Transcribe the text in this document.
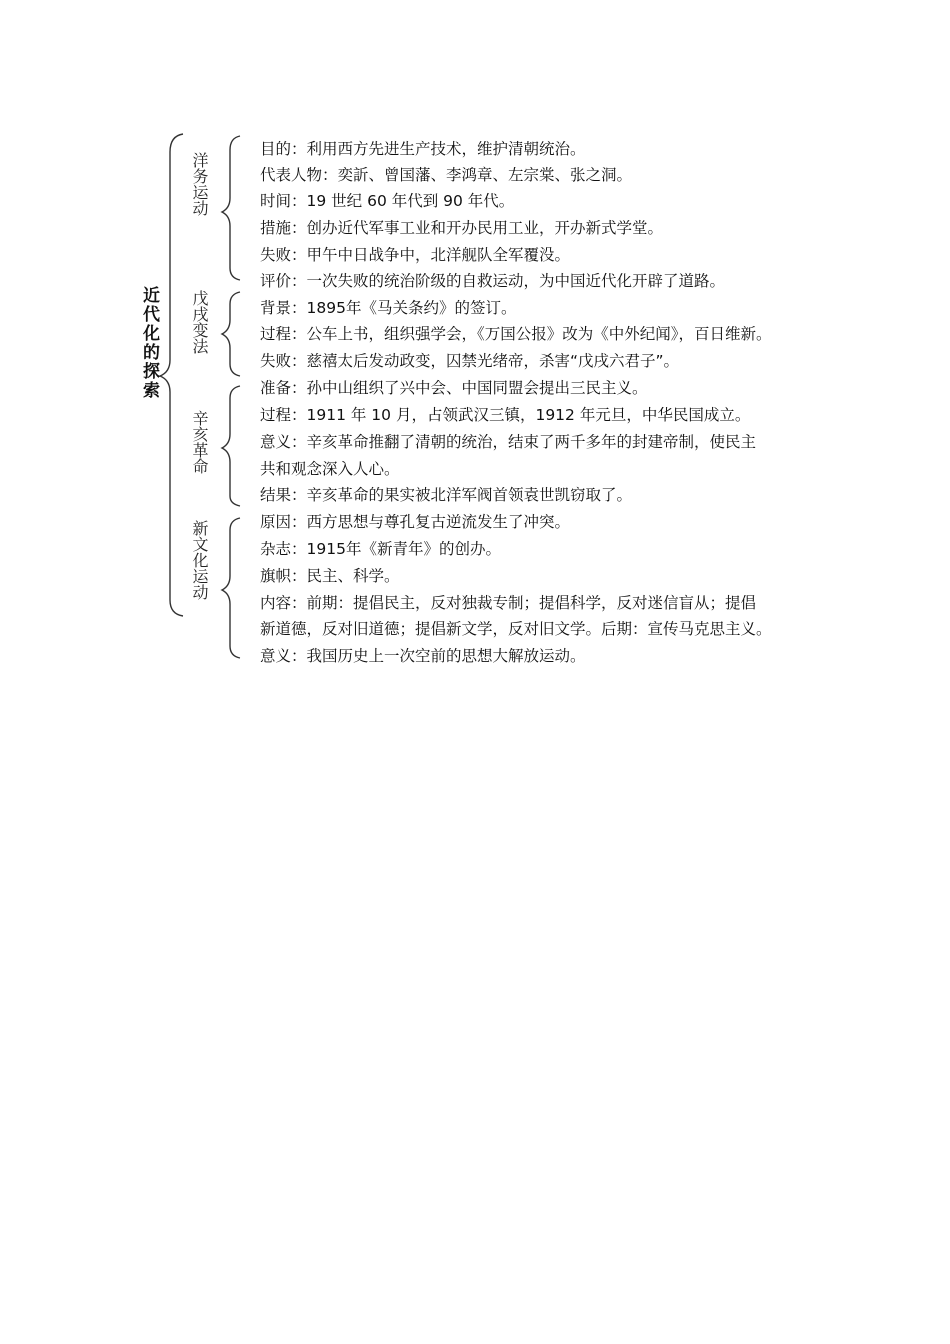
近代化的探索
洋务运动
戊戌变法
辛亥革命
新文化运动
目的：利用西方先进生产技术，维护清朝统治。
代表人物：奕訢、曾国藩、李鸿章、左宗棠、张之洞。
时间：19 世纪 60 年代到 90 年代。
措施：创办近代军事工业和开办民用工业，开办新式学堂。
失败：甲午中日战争中，北洋舰队全军覆没。
评价：一次失败的统治阶级的自救运动，为中国近代化开辟了道路。
背景：1895年《马关条约》的签订。
过程：公车上书，组织强学会，《万国公报》改为《中外纪闻》，百日维新。
失败：慈禧太后发动政变，囚禁光绪帝，杀害“戊戌六君子”。
准备：孙中山组织了兴中会、中国同盟会提出三民主义。
过程：1911 年 10 月，占领武汉三镇，1912 年元旦，中华民国成立。
意义：辛亥革命推翻了清朝的统治，结束了两千多年的封建帝制，使民主
共和观念深入人心。
结果：辛亥革命的果实被北洋军阀首领袁世凯窃取了。
原因：西方思想与尊孔复古逆流发生了冲突。
杂志：1915年《新青年》的创办。
旗帜：民主、科学。
内容：前期：提倡民主，反对独裁专制；提倡科学，反对迷信盲从；提倡
新道德，反对旧道德；提倡新文学，反对旧文学。后期：宣传马克思主义。
意义：我国历史上一次空前的思想大解放运动。
